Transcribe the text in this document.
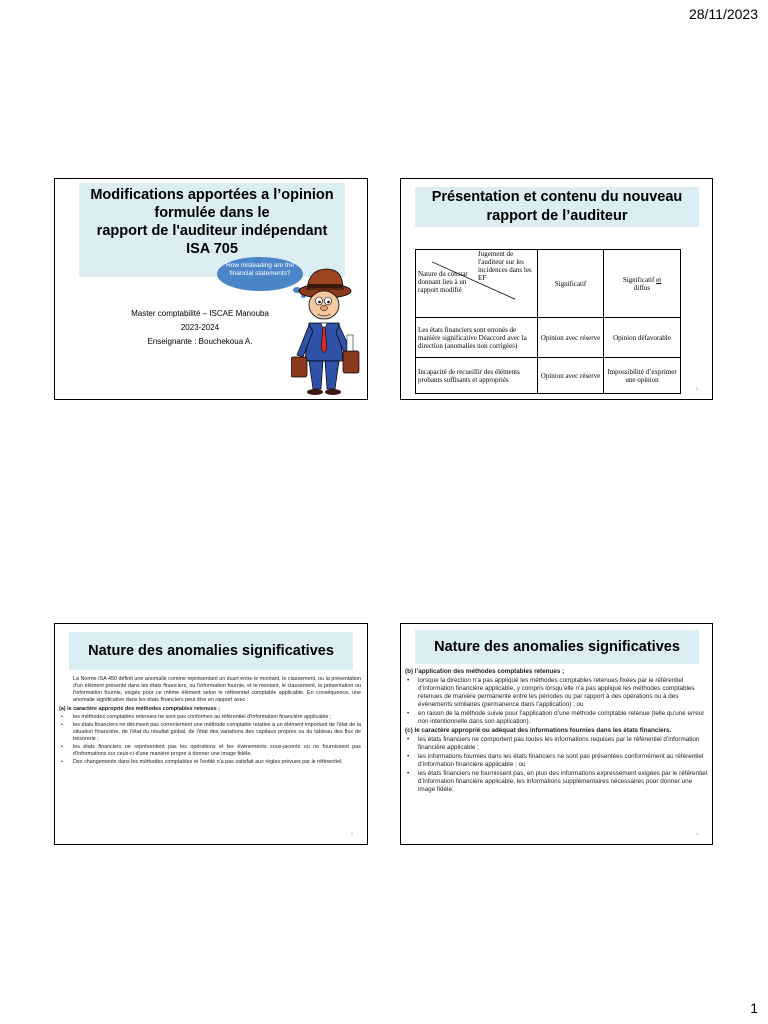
28/11/2023
Modifications apportées a l’opinion
formulée dans le
rapport de l'auditeur indépendant
ISA 705
How misleading are the financial statements?
Master comptabilité – ISCAE Manouba
2023-2024
Enseignante : Bouchekoua A.
Présentation et contenu du nouveau
rapport de l’auditeur
Jugement de l'auditeur sur les incidences dans les EF
Nature du constat donnant lieu à un rapport modifié	Significatif	Significatif et
diffus
Les états financiers sont erronés de manière significative Déaccord avec la direction (anomalies non corrigées)	Opinion avec réserve	Opinion défavorable
Incapacité de recueillir des éléments probants suffisants et appropriés	Opinion avec réserve	Impossibilité d’exprimer une opinion
2
Nature des anomalies significatives

La Norme ISA 450 définit une anomalie comme représentant un écart entre le montant, le classement, ou la présentation d'un élément présenté dans les états financiers, ou l'information fournie, et le montant, le classement, la présentation ou l'information fournie, exigés pour ce même élément selon le référentiel comptable applicable. En conséquence, une anomalie significative dans les états financiers peut être en rapport avec :

(a) le caractère approprié des méthodes comptables retenues ;
• les méthodes comptables retenues ne sont pas conformes au référentiel d'information financière applicable ;
• les états financiers ne décrivent pas correctement une méthode comptable relative à un élément important de l'état de la situation financière, de l'état du résultat global, de l'état des variations des capitaux propres ou du tableau des flux de trésorerie ;
• les états financiers ne représentent pas les opérations et les évènements sous-jacents ou ne fournissent pas d'informations sur ceux-ci d'une manière propre à donner une image fidèle.
• Des changements dans les méthodes comptables et l'entité n'a pas satisfait aux règles prévues par le référentiel.
3
Nature des anomalies significatives
(b) l’application des méthodes comptables retenues ;
• lorsque la direction n’a pas appliqué les méthodes comptables retenues fixées par le référentiel d’information financière applicable, y compris lorsqu’elle n’a pas appliqué les méthodes comptables retenues de manière permanente entre les périodes ou par rapport à des opérations ou à des évènements similaires (permanence dans l’application) ; ou
• en raison de la méthode suivie pour l’application d’une méthode comptable retenue (telle qu’une erreur non intentionnelle dans son application).
(c) le caractère approprié ou adéquat des informations fournies dans les états financiers.
• les états financiers ne comportent pas toutes les informations requises par le référentiel d’information financière applicable ;
• les informations fournies dans les états financiers ne sont pas présentées conformément au référentiel d’information financière applicable ; ou
• les états financiers ne fournissent pas, en plus des informations expressément exigées par le référentiel d’information financière applicable, les informations supplémentaires nécessaires pour donner une image fidèle.
4
1
